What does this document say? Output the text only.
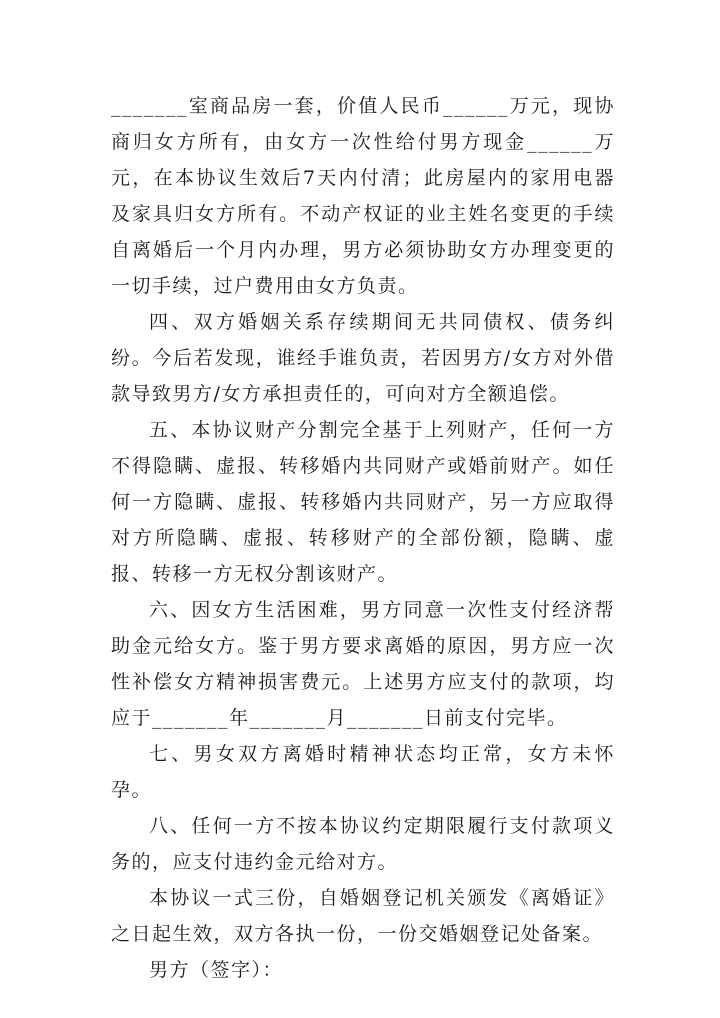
_______室商品房一套，价值人民币______万元，现协商归女方所有，由女方一次性给付男方现金______万元，在本协议生效后7天内付清；此房屋内的家用电器及家具归女方所有。不动产权证的业主姓名变更的手续自离婚后一个月内办理，男方必须协助女方办理变更的一切手续，过户费用由女方负责。

四、双方婚姻关系存续期间无共同债权、债务纠纷。今后若发现，谁经手谁负责，若因男方/女方对外借款导致男方/女方承担责任的，可向对方全额追偿。

五、本协议财产分割完全基于上列财产，任何一方不得隐瞒、虚报、转移婚内共同财产或婚前财产。如任何一方隐瞒、虚报、转移婚内共同财产，另一方应取得对方所隐瞒、虚报、转移财产的全部份额，隐瞒、虚报、转移一方无权分割该财产。

六、因女方生活困难，男方同意一次性支付经济帮助金元给女方。鉴于男方要求离婚的原因，男方应一次性补偿女方精神损害费元。上述男方应支付的款项，均应于_______年_______月_______日前支付完毕。

七、男女双方离婚时精神状态均正常，女方未怀孕。

八、任何一方不按本协议约定期限履行支付款项义务的，应支付违约金元给对方。

本协议一式三份，自婚姻登记机关颁发《离婚证》之日起生效，双方各执一份，一份交婚姻登记处备案。

男方（签字）：
